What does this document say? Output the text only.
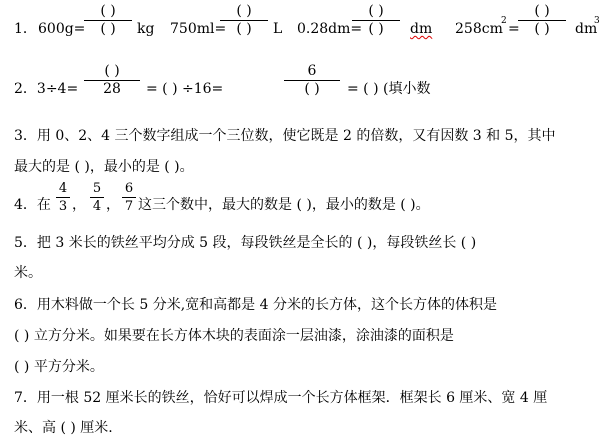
1． 600g=
( )
( )	kg 750ml=
( )
( )	L 0.28dm=
( )
( )	dm 258cm
2 =
( )
( )	dm
3
2．3÷4=
( )
28	= ( ) ÷16=
6
( )	= ( ) (填小数
3．用 0、2、4 三个数字组成一个三位数，使它既是 2 的倍数，又有因数 3 和 5，其中
最大的是 ( )，最小的是 ( )。
4．在
4
3 ，
5
4 ，
6
7 这三个数中，最大的数是 ( )，最小的数是 ( )。
5．把 3 米长的铁丝平均分成 5 段，每段铁丝是全长的 ( )，每段铁丝长 ( )
米。
6．用木料做一个长 5 分米,宽和高都是 4 分米的长方体，这个长方体的体积是
( ) 立方分米。如果要在长方体木块的表面涂一层油漆，涂油漆的面积是
( ) 平方分米。
7．用一根 52 厘米长的铁丝，恰好可以焊成一个长方体框架．框架长 6 厘米、宽 4 厘
米、高 ( ) 厘米.
